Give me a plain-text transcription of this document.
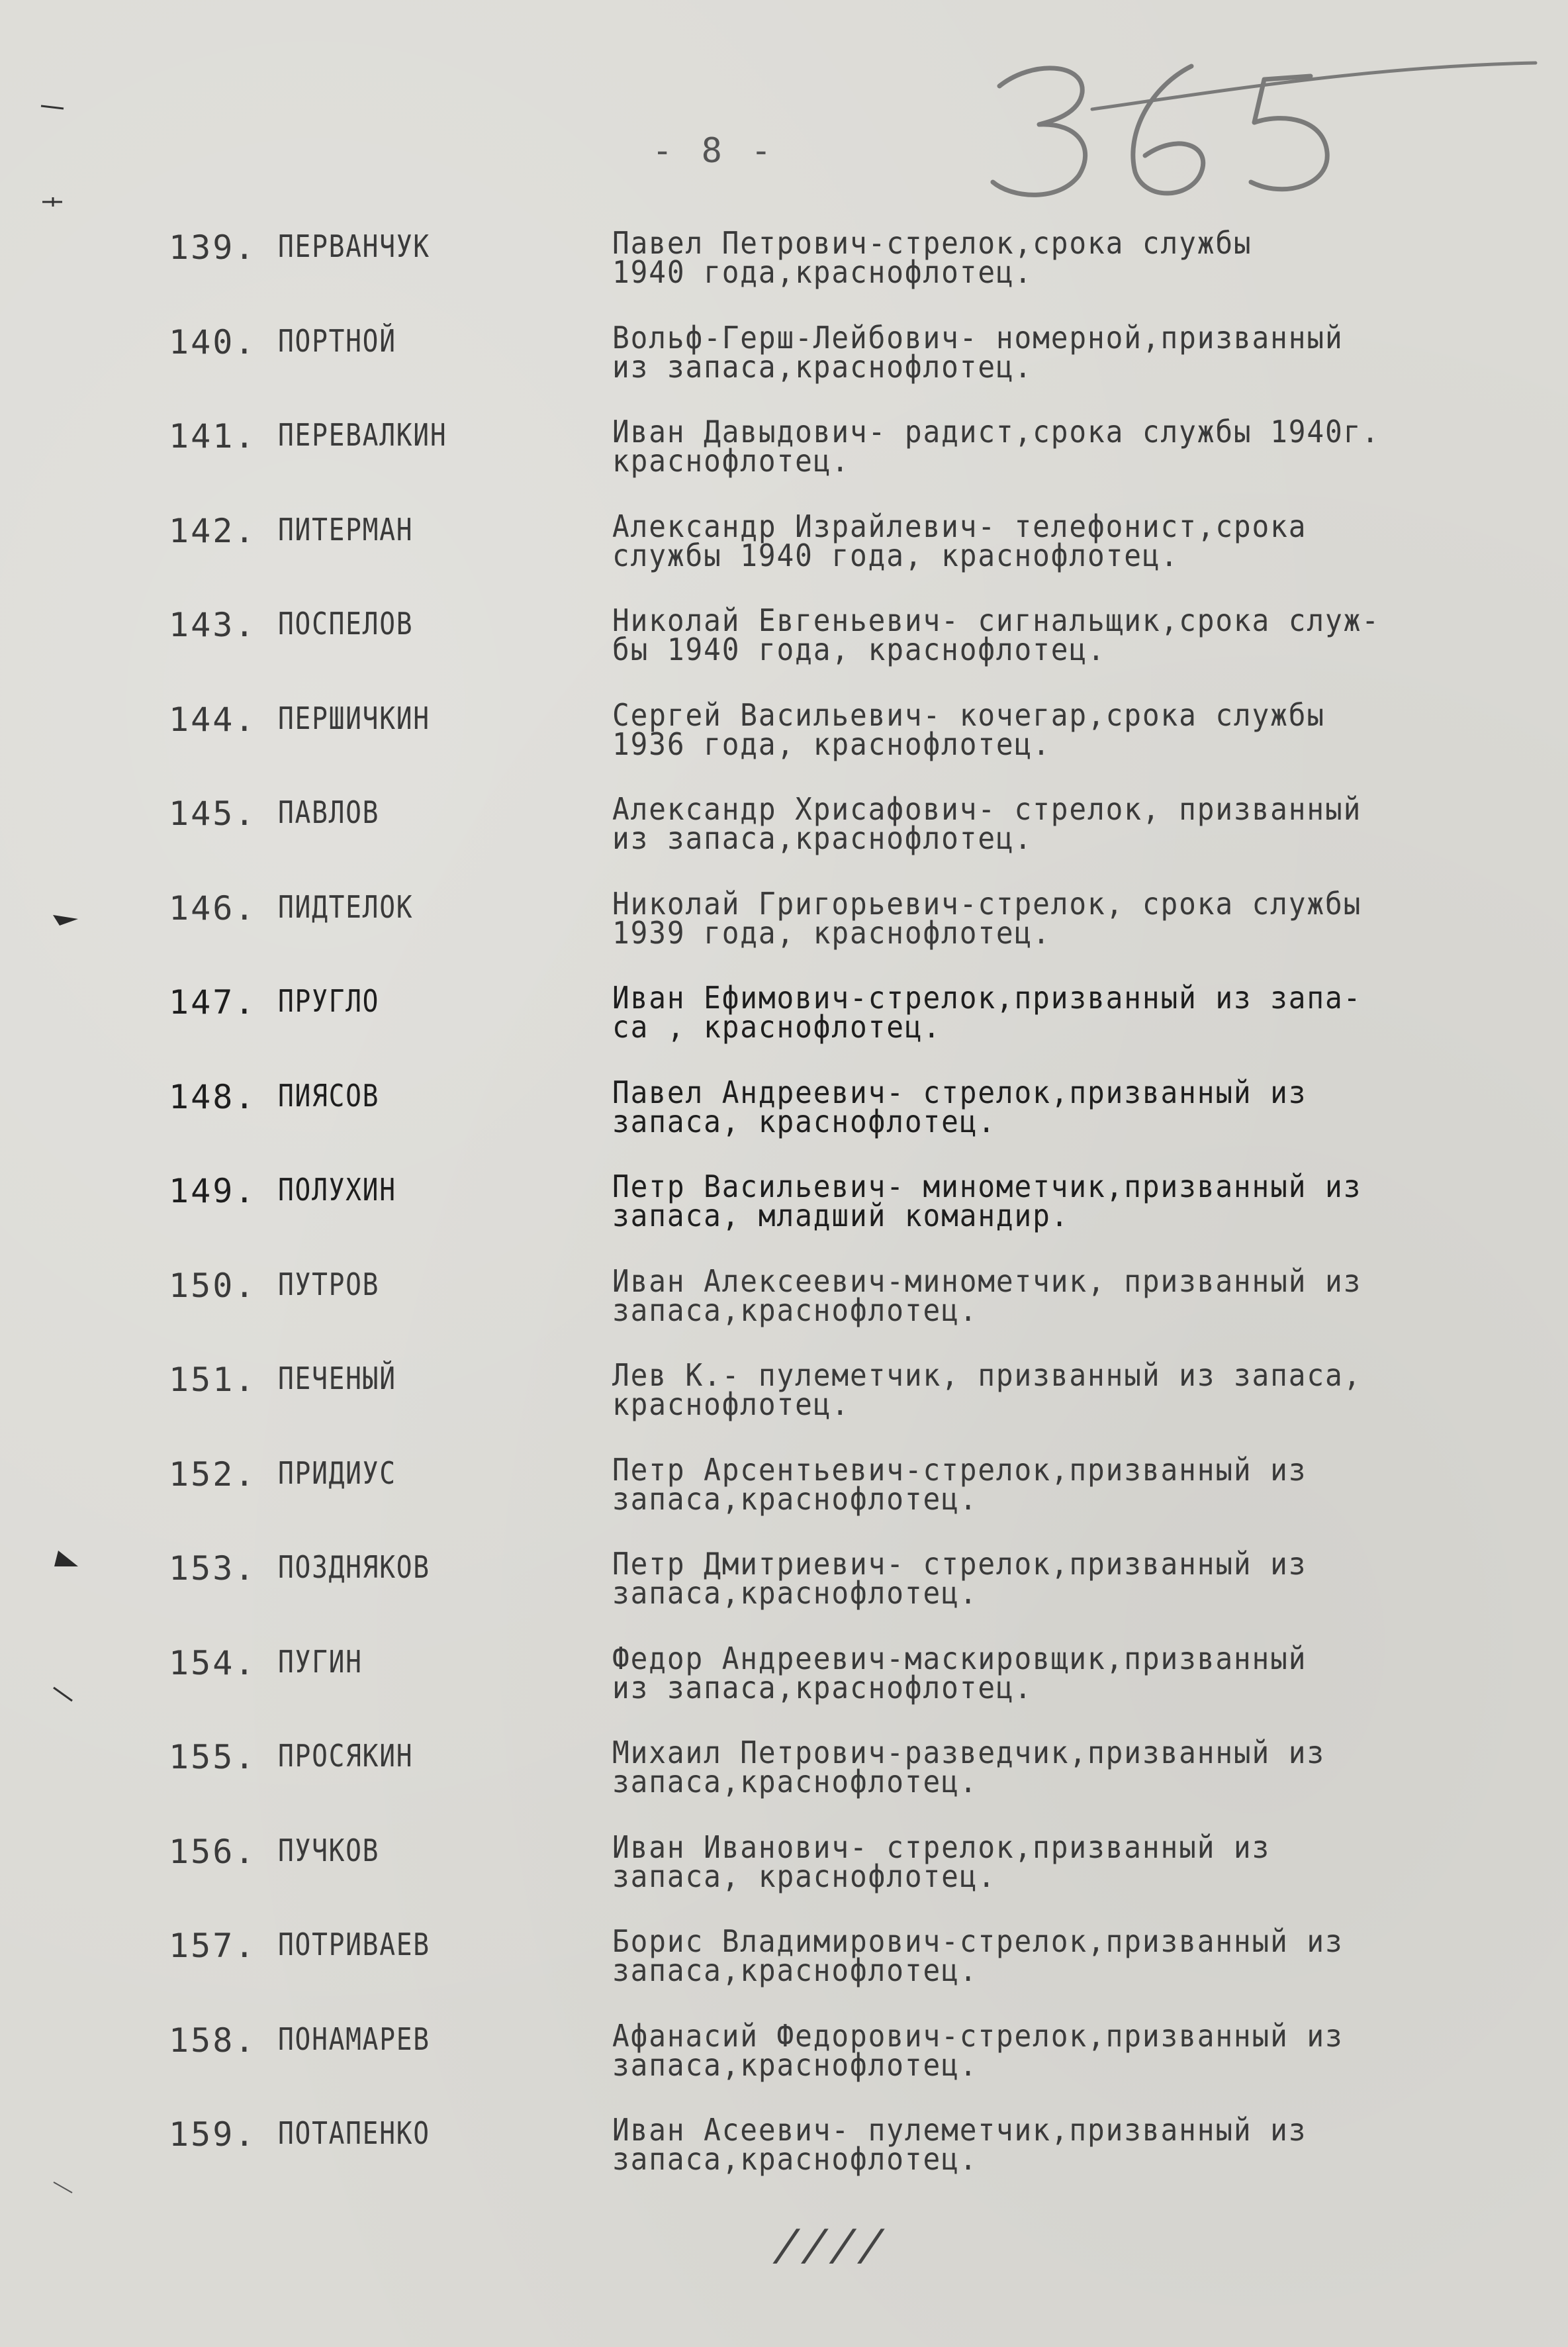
- 8 -
139. ПЕРВАНЧУК	Павел Петрович-стрелок,срока службы
1940 года,краснофлотец.
140. ПОРТНОЙ	Вольф-Герш-Лейбович- номерной,призванный
из запаса,краснофлотец.
141. ПЕРЕВАЛКИН	Иван Давыдович- радист,срока службы 1940г.
краснофлотец.
142. ПИТЕРМАН	Александр Израйлевич- телефонист,срока
службы 1940 года, краснофлотец.
143. ПОСПЕЛОВ	Николай Евгеньевич- сигнальщик,срока служ-
бы 1940 года, краснофлотец.
144. ПЕРШИЧКИН	Сергей Васильевич- кочегар,срока службы
1936 года, краснофлотец.
145. ПАВЛОВ	Александр Хрисафович- стрелок, призванный
из запаса,краснофлотец.
146. ПИДТЕЛОК	Николай Григорьевич-стрелок, срока службы
1939 года, краснофлотец.
147. ПРУГЛО	Иван Ефимович-стрелок,призванный из запа-
са , краснофлотец.
148. ПИЯСОВ	Павел Андреевич- стрелок,призванный из
запаса, краснофлотец.
149. ПОЛУХИН	Петр Васильевич- минометчик,призванный из
запаса, младший командир.
150. ПУТРОВ	Иван Алексеевич-минометчик, призванный из
запаса,краснофлотец.
151. ПЕЧЕНЫЙ	Лев К.- пулеметчик, призванный из запаса,
краснофлотец.
152. ПРИДИУС	Петр Арсентьевич-стрелок,призванный из
запаса,краснофлотец.
153. ПОЗДНЯКОВ	Петр Дмитриевич- стрелок,призванный из
запаса,краснофлотец.
154. ПУГИН	Федор Андреевич-маскировщик,призванный
из запаса,краснофлотец.
155. ПРОСЯКИН	Михаил Петрович-разведчик,призванный из
запаса,краснофлотец.
156. ПУЧКОВ	Иван Иванович- стрелок,призванный из
запаса, краснофлотец.
157. ПОТРИВАЕВ	Борис Владимирович-стрелок,призванный из
запаса,краснофлотец.
158. ПОНАМАРЕВ	Афанасий Федорович-стрелок,призванный из
запаса,краснофлотец.
159. ПОТАПЕНКО	Иван Асеевич- пулеметчик,призванный из
запаса,краснофлотец.
////
